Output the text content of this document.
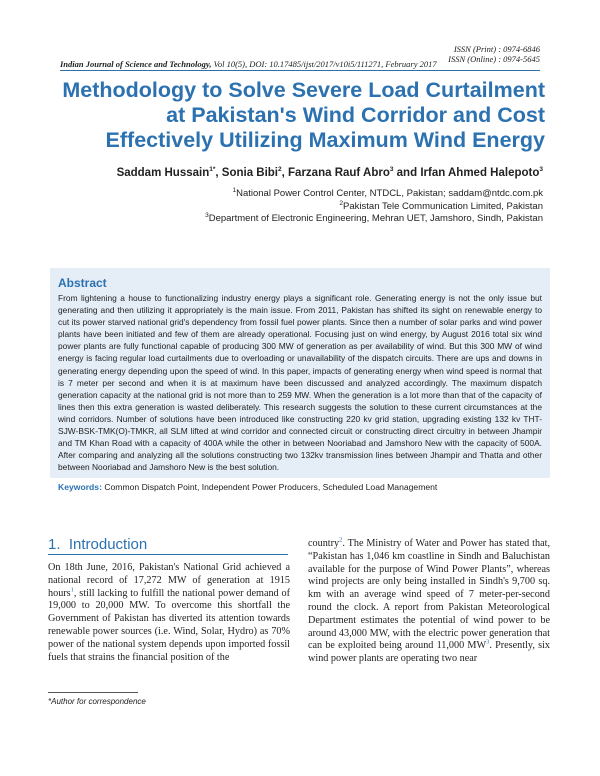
ISSN (Print) : 0974-6846
ISSN (Online) : 0974-5645
Indian Journal of Science and Technology, Vol 10(5), DOI: 10.17485/ijst/2017/v10i5/111271, February 2017
Methodology to Solve Severe Load Curtailment at Pakistan's Wind Corridor and Cost Effectively Utilizing Maximum Wind Energy
Saddam Hussain$^{1*}$, Sonia Bibi$^2$, Farzana Rauf Abro$^3$ and Irfan Ahmed Halepoto$^3$
$^1$National Power Control Center, NTDCL, Pakistan; saddam@ntdc.com.pk
$^2$Pakistan Tele Communication Limited, Pakistan
$^3$Department of Electronic Engineering, Mehran UET, Jamshoro, Sindh, Pakistan
Abstract
From lightening a house to functionalizing industry energy plays a significant role. Generating energy is not the only issue but generating and then utilizing it appropriately is the main issue. From 2011, Pakistan has shifted its sight on renewable energy to cut its power starved national grid's dependency from fossil fuel power plants. Since then a number of solar parks and wind power plants have been initiated and few of them are already operational. Focusing just on wind energy, by August 2016 total six wind power plants are fully functional capable of producing 300 MW of generation as per availability of wind. But this 300 MW of wind energy is facing regular load curtailments due to overloading or unavailability of the dispatch circuits. There are ups and downs in generating energy depending upon the speed of wind. In this paper, impacts of generating energy when wind speed is normal that is 7 meter per second and when it is at maximum have been discussed and analyzed accordingly. The maximum dispatch generation capacity at the national grid is not more than to 259 MW. When the generation is a lot more than that of the capacity of lines then this extra generation is wasted deliberately. This research suggests the solution to these current circumstances at the wind corridors. Number of solutions have been introduced like constructing 220 kv grid station, upgrading existing 132 kv THT-SJW-BSK-TMK(O)-TMKR, all SLM lifted at wind corridor and connected circuit or constructing direct circuitry in between Jhampir and TM Khan Road with a capacity of 400A while the other in between Nooriabad and Jamshoro New with the capacity of 500A. After comparing and analyzing all the solutions constructing two 132kv transmission lines between Jhampir and Thatta and other between Nooriabad and Jamshoro New is the best solution.
Keywords: Common Dispatch Point, Independent Power Producers, Scheduled Load Management
1. Introduction
On 18th June, 2016, Pakistan's National Grid achieved a national record of 17,272 MW of generation at 1915 hours$^1$, still lacking to fulfill the national power demand of 19,000 to 20,000 MW. To overcome this shortfall the Government of Pakistan has diverted its attention towards renewable power sources (i.e. Wind, Solar, Hydro) as 70% power of the national system depends upon imported fossil fuels that strains the financial position of the
country$^2$. The Ministry of Water and Power has stated that, “Pakistan has 1,046 km coastline in Sindh and Baluchistan available for the purpose of Wind Power Plants”, whereas wind projects are only being installed in Sindh's 9,700 sq. km with an average wind speed of 7 meter-per-second round the clock. A report from Pakistan Meteorological Department estimates the potential of wind power to be around 43,000 MW, with the electric power generation that can be exploited being around 11,000 MW$^3$. Presently, six wind power plants are operating two near
*Author for correspondence
